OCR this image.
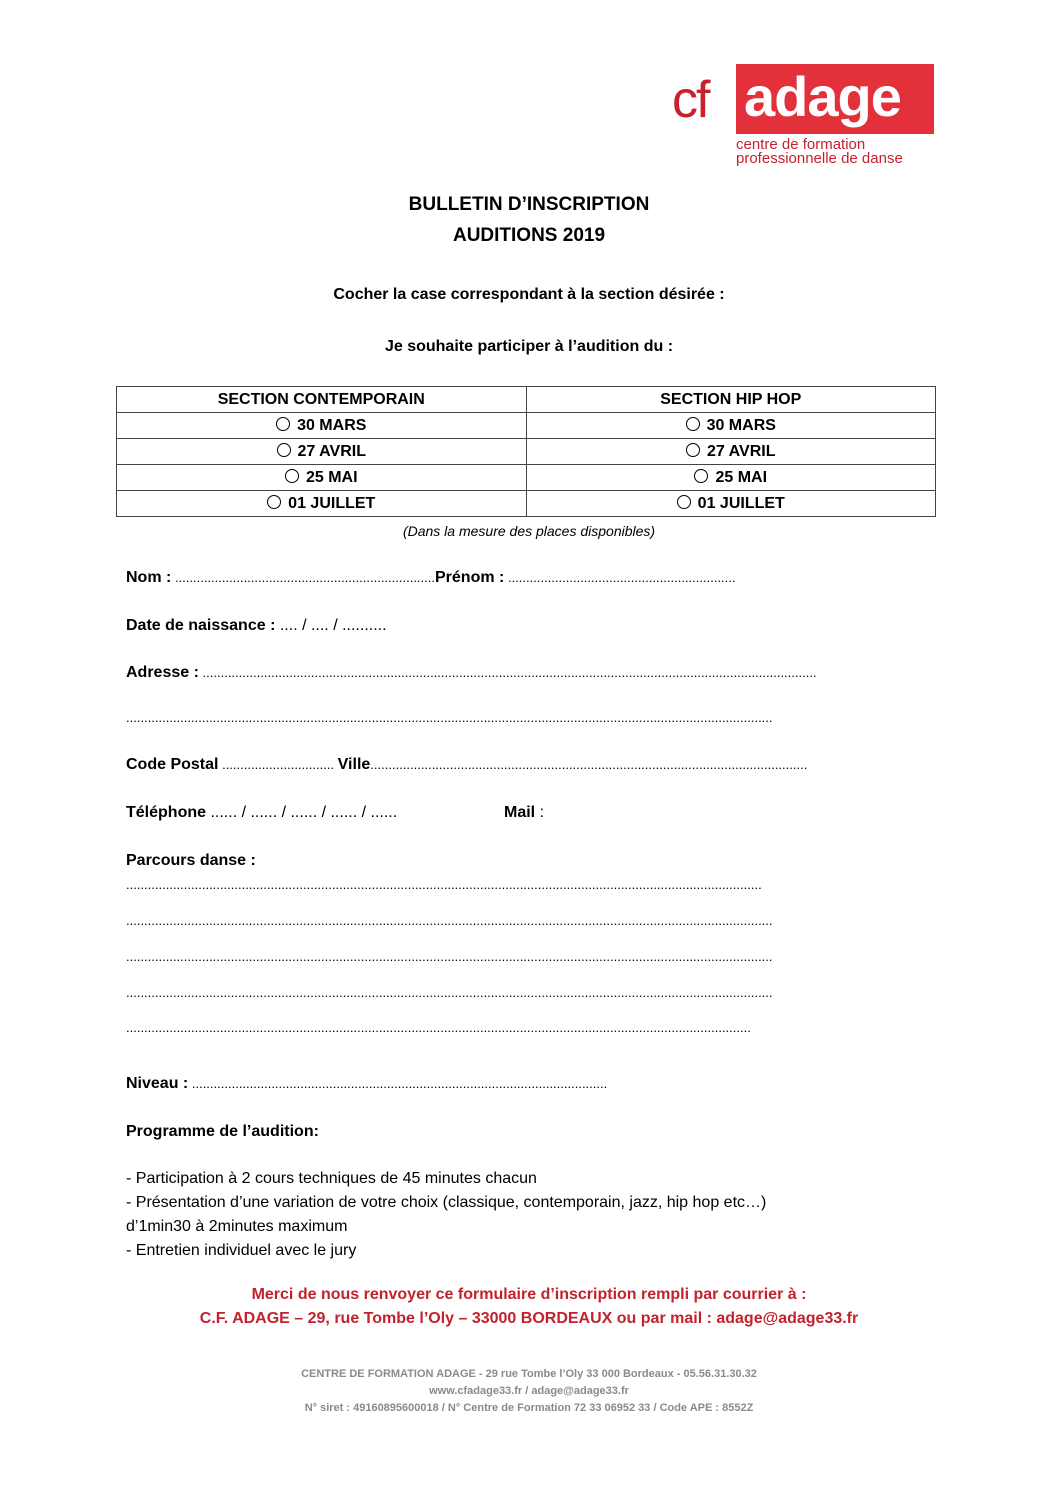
cf adage
centre de formation
professionnelle de danse
BULLETIN D’INSCRIPTION
AUDITIONS 2019
Cocher la case correspondant à la section désirée :
Je souhaite participer à l’audition du :
SECTION CONTEMPORAIN	SECTION HIP HOP
30 MARS	30 MARS
27 AVRIL	27 AVRIL
25 MAI	25 MAI
01 JUILLET	01 JUILLET
(Dans la mesure des places disponibles)
Nom : ........................................................................Prénom : ...............................................................
Date de naissance : .... / .... / ..........
Adresse : ..........................................................................................................................................................................
...................................................................................................................................................................................
Code Postal ............................... Ville.........................................................................................................................
Téléphone ...... / ...... / ...... / ...... / ......	Mail :
Parcours danse :
................................................................................................................................................................................
...................................................................................................................................................................................
...................................................................................................................................................................................
...................................................................................................................................................................................
.............................................................................................................................................................................
Niveau : ...................................................................................................................
Programme de l’audition:
- Participation à 2 cours techniques de 45 minutes chacun
- Présentation d’une variation de votre choix (classique, contemporain, jazz, hip hop etc…)
d’1min30 à 2minutes maximum
- Entretien individuel avec le jury
Merci de nous renvoyer ce formulaire d’inscription rempli par courrier à :
C.F. ADAGE – 29, rue Tombe l’Oly – 33000 BORDEAUX ou par mail : adage@adage33.fr
CENTRE DE FORMATION ADAGE - 29 rue Tombe l’Oly 33 000 Bordeaux - 05.56.31.30.32
www.cfadage33.fr / adage@adage33.fr
N° siret : 49160895600018 / N° Centre de Formation 72 33 06952 33 / Code APE : 8552Z
